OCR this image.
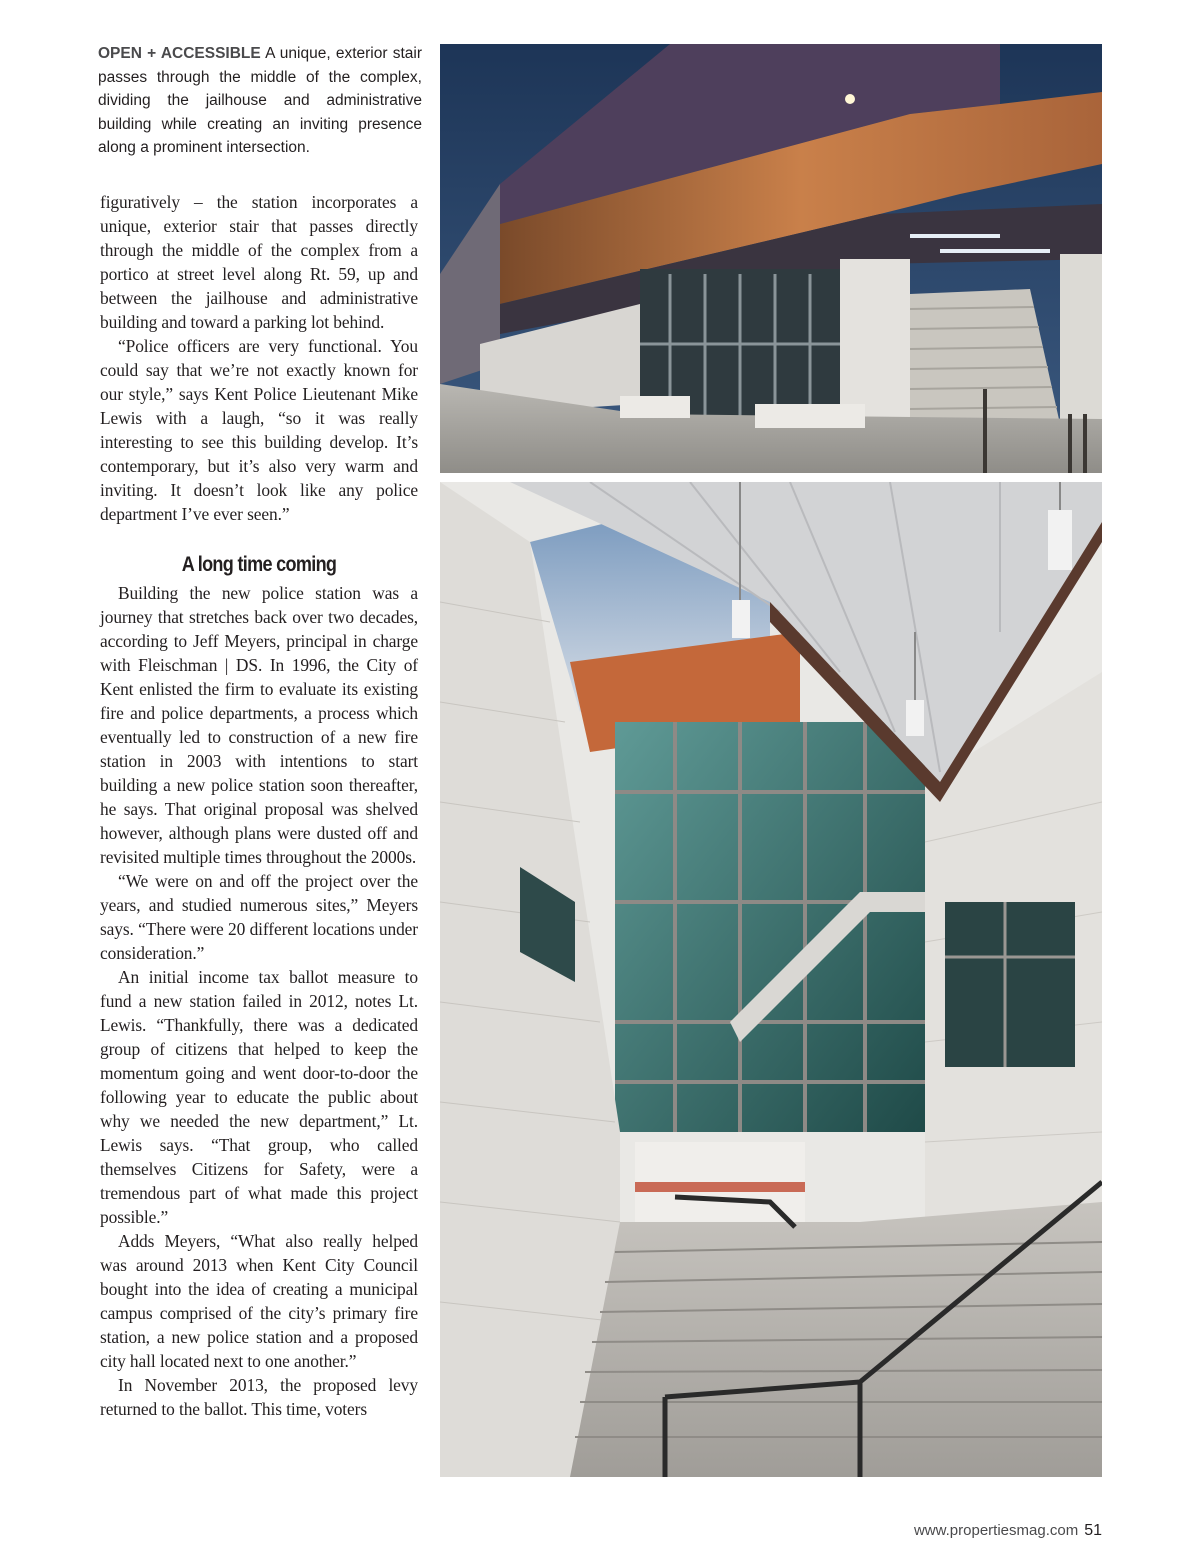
OPEN + ACCESSIBLE A unique, exterior stair passes through the middle of the complex, dividing the jailhouse and administrative building while creating an inviting presence along a prominent intersection.

figuratively – the station incorporates a unique, exterior stair that passes directly through the middle of the complex from a portico at street level along Rt. 59, up and between the jailhouse and administrative building and toward a parking lot behind.

“Police officers are very functional. You could say that we’re not exactly known for our style,” says Kent Police Lieutenant Mike Lewis with a laugh, “so it was really interesting to see this building develop. It’s contemporary, but it’s also very warm and inviting. It doesn’t look like any police department I’ve ever seen.”

A long time coming

Building the new police station was a journey that stretches back over two decades, according to Jeff Meyers, principal in charge with Fleischman | DS. In 1996, the City of Kent enlisted the firm to evaluate its existing fire and police departments, a process which eventually led to construction of a new fire station in 2003 with intentions to start building a new police station soon thereafter, he says. That original proposal was shelved however, although plans were dusted off and revisited multiple times throughout the 2000s.

“We were on and off the project over the years, and studied numerous sites,” Meyers says. “There were 20 different locations under consideration.”

An initial income tax ballot measure to fund a new station failed in 2012, notes Lt. Lewis. “Thankfully, there was a dedicated group of citizens that helped to keep the momentum going and went door-to-door the following year to educate the public about why we needed the new department,” Lt. Lewis says. “That group, who called themselves Citizens for Safety, were a tremendous part of what made this project possible.”

Adds Meyers, “What also really helped was around 2013 when Kent City Council bought into the idea of creating a municipal campus comprised of the city’s primary fire station, a new police station and a proposed city hall located next to one another.”

In November 2013, the proposed levy returned to the ballot. This time, voters

www.propertiesmag.com 51
